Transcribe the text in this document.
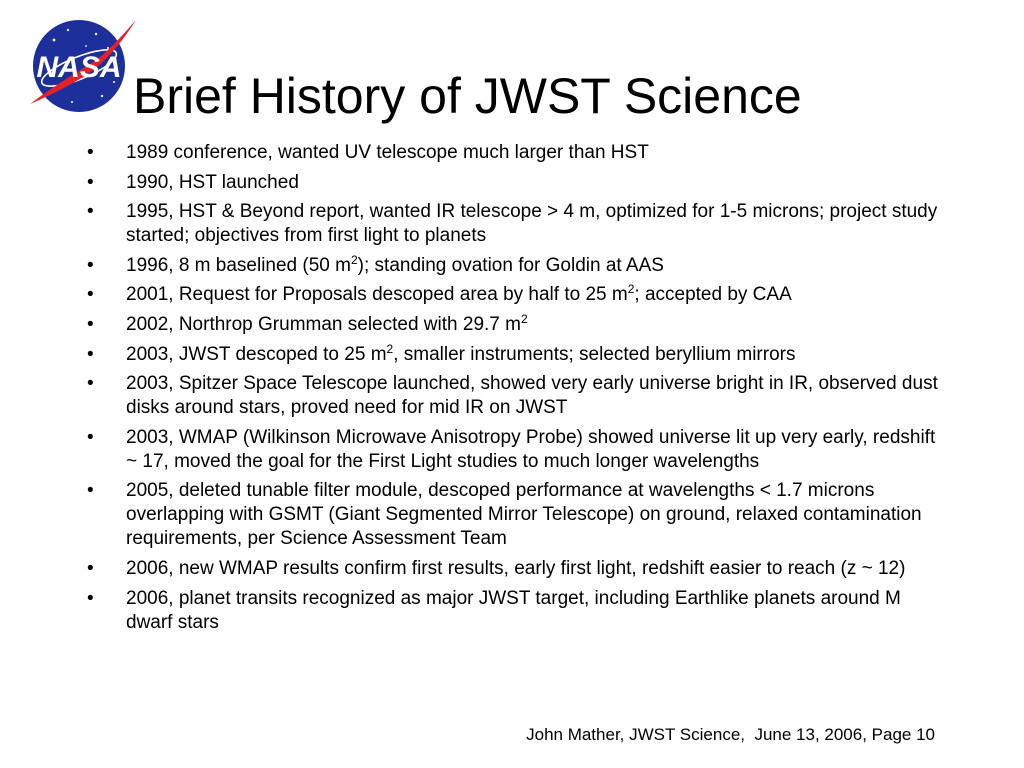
NASA
Brief History of JWST Science
• 1989 conference, wanted UV telescope much larger than HST
• 1990, HST launched
• 1995, HST & Beyond report, wanted IR telescope > 4 m, optimized for 1-5 microns; project study started; objectives from first light to planets
• 1996, 8 m baselined (50 $m^2$); standing ovation for Goldin at AAS
• 2001, Request for Proposals descoped area by half to 25 $m^2$; accepted by CAA
• 2002, Northrop Grumman selected with 29.7 $m^2$
• 2003, JWST descoped to 25 $m^2$, smaller instruments; selected beryllium mirrors
• 2003, Spitzer Space Telescope launched, showed very early universe bright in IR, observed dust disks around stars, proved need for mid IR on JWST
• 2003, WMAP (Wilkinson Microwave Anisotropy Probe) showed universe lit up very early, redshift ~ 17, moved the goal for the First Light studies to much longer wavelengths
• 2005, deleted tunable filter module, descoped performance at wavelengths < 1.7 microns overlapping with GSMT (Giant Segmented Mirror Telescope) on ground, relaxed contamination requirements, per Science Assessment Team
• 2006, new WMAP results confirm first results, early first light, redshift easier to reach (z ~ 12)
• 2006, planet transits recognized as major JWST target, including Earthlike planets around M dwarf stars
John Mather, JWST Science,  June 13, 2006, Page 10
